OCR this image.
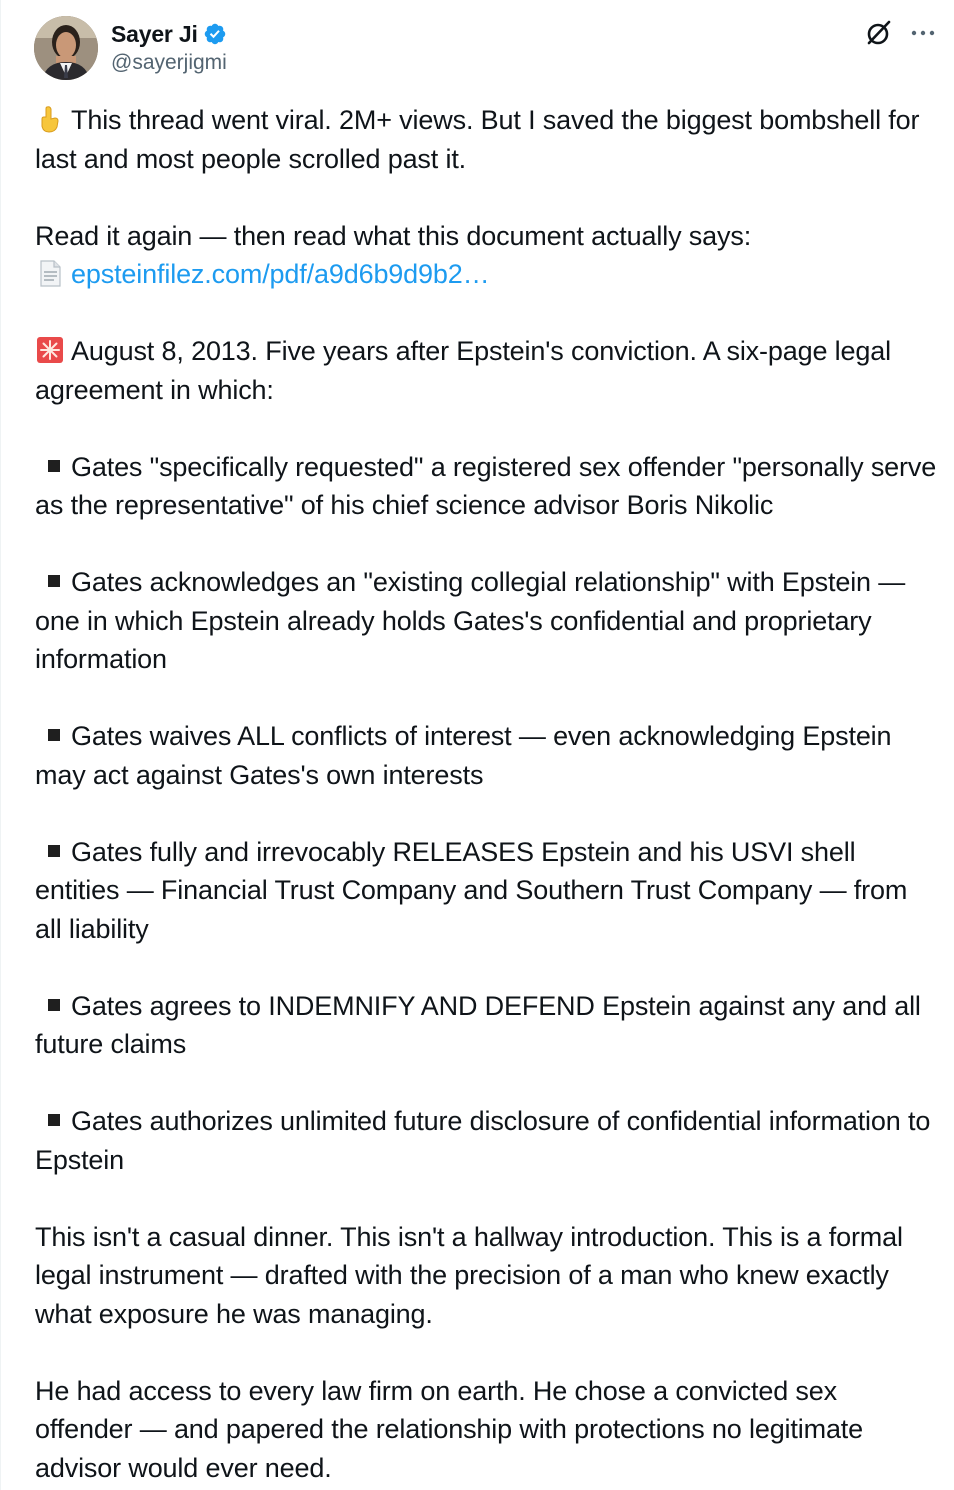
Sayer Ji
@sayerjigmi

This thread went viral. 2M+ views. But I saved the biggest bombshell for last and most people scrolled past it.

Read it again — then read what this document actually says:
epsteinfilez.com/pdf/a9d6b9d9b2…

August 8, 2013. Five years after Epstein's conviction. A six-page legal agreement in which:

Gates "specifically requested" a registered sex offender "personally serve as the representative" of his chief science advisor Boris Nikolic

Gates acknowledges an "existing collegial relationship" with Epstein — one in which Epstein already holds Gates's confidential and proprietary information

Gates waives ALL conflicts of interest — even acknowledging Epstein may act against Gates's own interests

Gates fully and irrevocably RELEASES Epstein and his USVI shell entities — Financial Trust Company and Southern Trust Company — from all liability

Gates agrees to INDEMNIFY AND DEFEND Epstein against any and all future claims

Gates authorizes unlimited future disclosure of confidential information to Epstein

This isn't a casual dinner. This isn't a hallway introduction. This is a formal legal instrument — drafted with the precision of a man who knew exactly what exposure he was managing.

He had access to every law firm on earth. He chose a convicted sex offender — and papered the relationship with protections no legitimate advisor would ever need.
